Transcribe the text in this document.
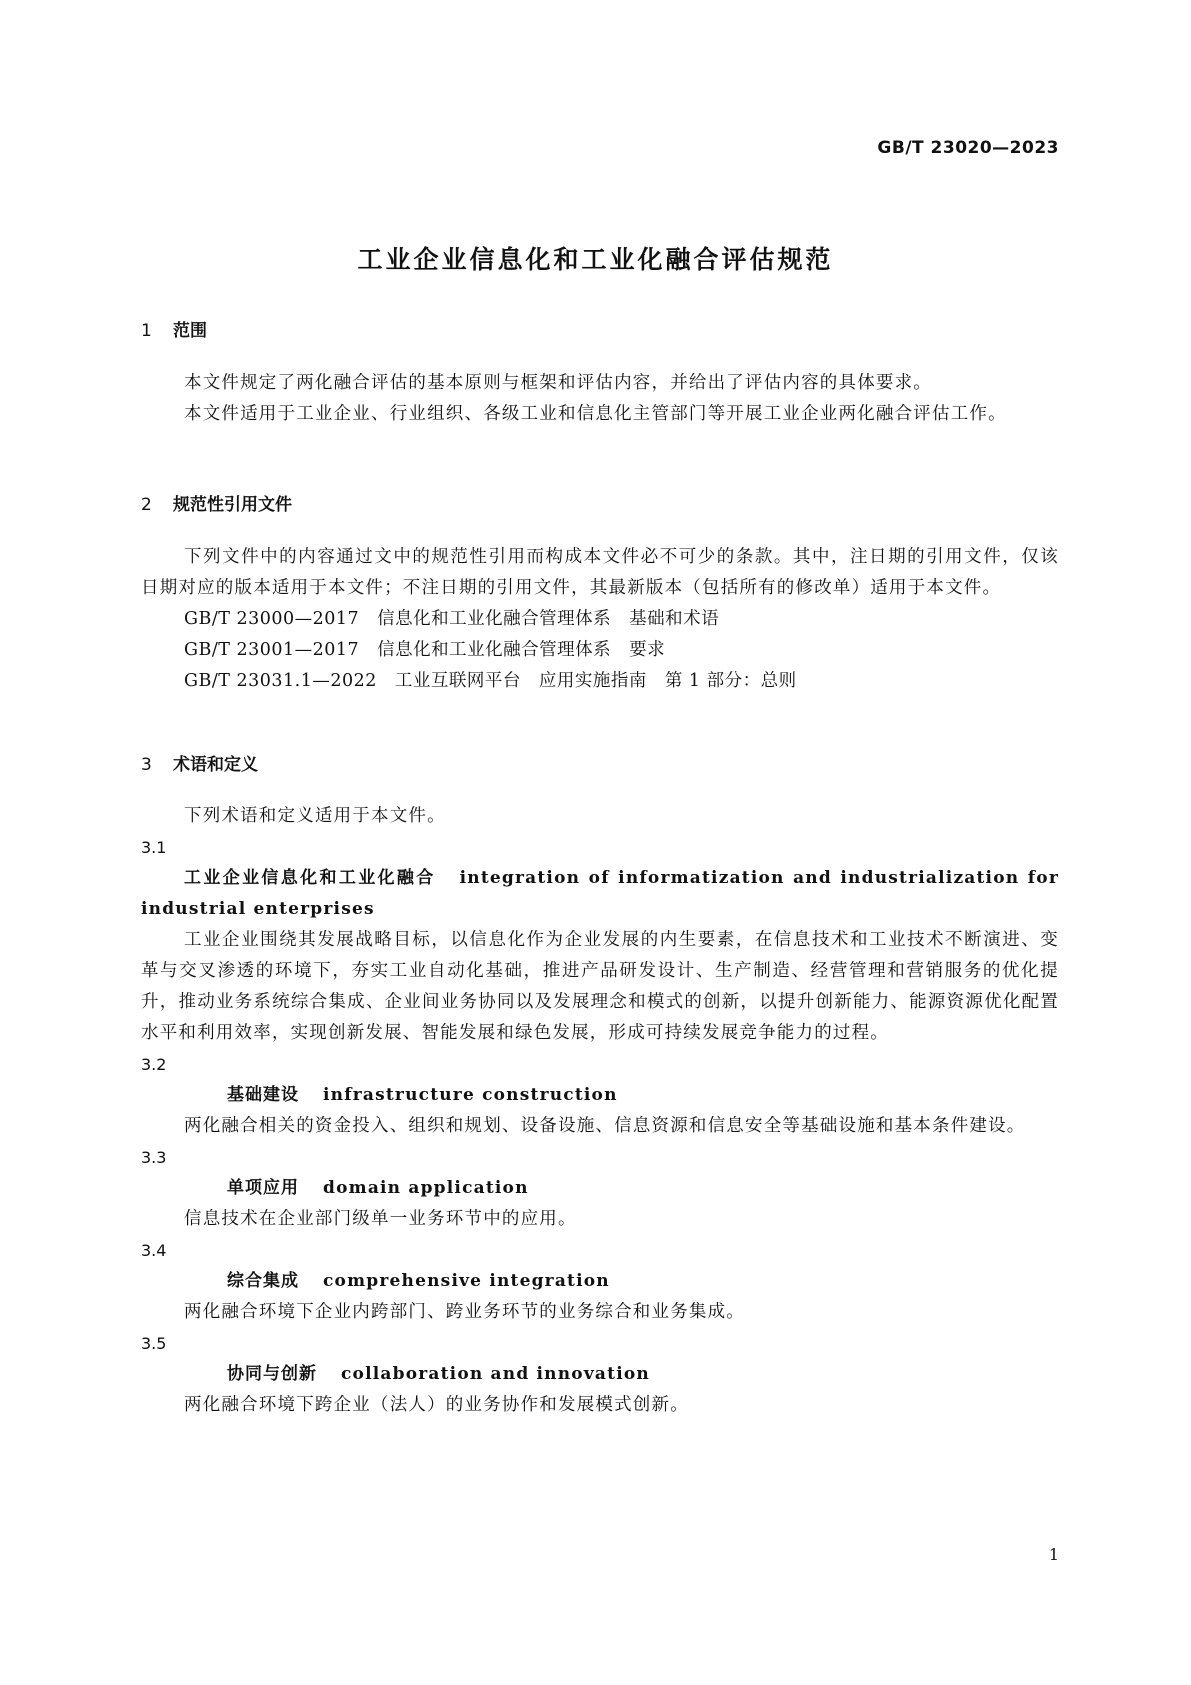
GB/T 23020—2023
工业企业信息化和工业化融合评估规范
1 范围

本文件规定了两化融合评估的基本原则与框架和评估内容，并给出了评估内容的具体要求。

本文件适用于工业企业、行业组织、各级工业和信息化主管部门等开展工业企业两化融合评估工作。

2 规范性引用文件

下列文件中的内容通过文中的规范性引用而构成本文件必不可少的条款。其中，注日期的引用文件，仅该日期对应的版本适用于本文件；不注日期的引用文件，其最新版本（包括所有的修改单）适用于本文件。

GB/T 23000—2017　信息化和工业化融合管理体系　基础和术语
GB/T 23001—2017　信息化和工业化融合管理体系　要求
GB/T 23031.1—2022　工业互联网平台　应用实施指南　第 1 部分：总则
3 术语和定义

下列术语和定义适用于本文件。

3.1

工业企业信息化和工业化融合 integration of informatization and industrialization for industrial enterprises

工业企业围绕其发展战略目标，以信息化作为企业发展的内生要素，在信息技术和工业技术不断演进、变革与交叉渗透的环境下，夯实工业自动化基础，推进产品研发设计、生产制造、经营管理和营销服务的优化提升，推动业务系统综合集成、企业间业务协同以及发展理念和模式的创新，以提升创新能力、能源资源优化配置水平和利用效率，实现创新发展、智能发展和绿色发展，形成可持续发展竞争能力的过程。

3.2

基础建设 infrastructure construction

两化融合相关的资金投入、组织和规划、设备设施、信息资源和信息安全等基础设施和基本条件建设。

3.3

单项应用 domain application

信息技术在企业部门级单一业务环节中的应用。

3.4

综合集成 comprehensive integration

两化融合环境下企业内跨部门、跨业务环节的业务综合和业务集成。

3.5

协同与创新 collaboration and innovation

两化融合环境下跨企业（法人）的业务协作和发展模式创新。

1
